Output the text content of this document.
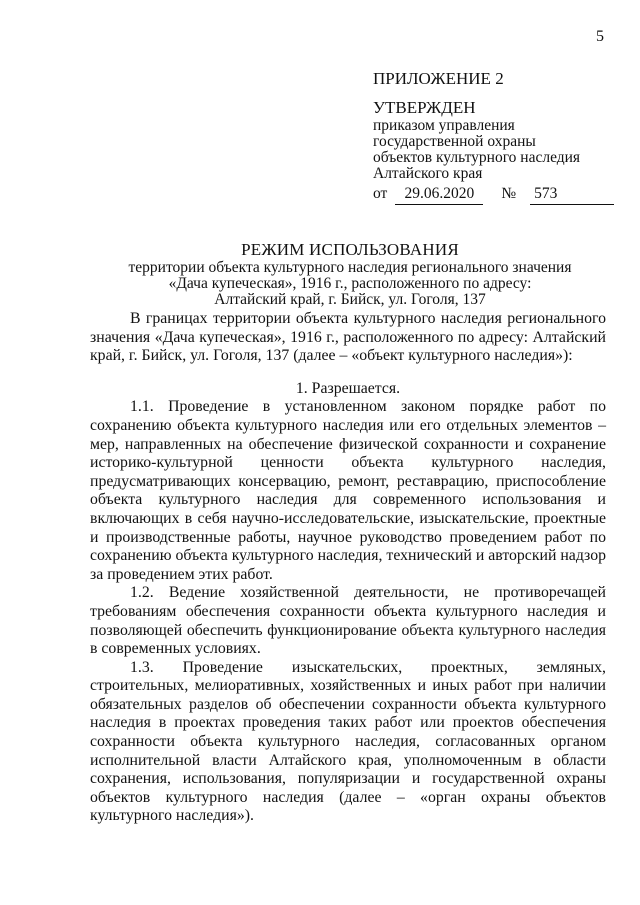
5
ПРИЛОЖЕНИЕ 2
УТВЕРЖДЕН
приказом управления
государственной охраны
объектов культурного наследия
Алтайского края
от 29.06.2020 № 573
РЕЖИМ ИСПОЛЬЗОВАНИЯ
территории объекта культурного наследия регионального значения
«Дача купеческая», 1916 г., расположенного по адресу:
Алтайский край, г. Бийск, ул. Гоголя, 137

В границах территории объекта культурного наследия регионального значения «Дача купеческая», 1916 г., расположенного по адресу: Алтайский край, г. Бийск, ул. Гоголя, 137 (далее – «объект культурного наследия»):

1. Разрешается.

1.1. Проведение в установленном законом порядке работ по сохранению объекта культурного наследия или его отдельных элементов – мер, направленных на обеспечение физической сохранности и сохранение историко-культурной ценности объекта культурного наследия, предусматривающих консервацию, ремонт, реставрацию, приспособление объекта культурного наследия для современного использования и включающих в себя научно-исследовательские, изыскательские, проектные и производственные работы, научное руководство проведением работ по сохранению объекта культурного наследия, технический и авторский надзор за проведением этих работ.

1.2. Ведение хозяйственной деятельности, не противоречащей требованиям обеспечения сохранности объекта культурного наследия и позволяющей обеспечить функционирование объекта культурного наследия в современных условиях.

1.3. Проведение изыскательских, проектных, земляных, строительных, мелиоративных, хозяйственных и иных работ при наличии обязательных разделов об обеспечении сохранности объекта культурного наследия в проектах проведения таких работ или проектов обеспечения сохранности объекта культурного наследия, согласованных органом исполнительной власти Алтайского края, уполномоченным в области сохранения, использования, популяризации и государственной охраны объектов культурного наследия (далее – «орган охраны объектов культурного наследия»).
